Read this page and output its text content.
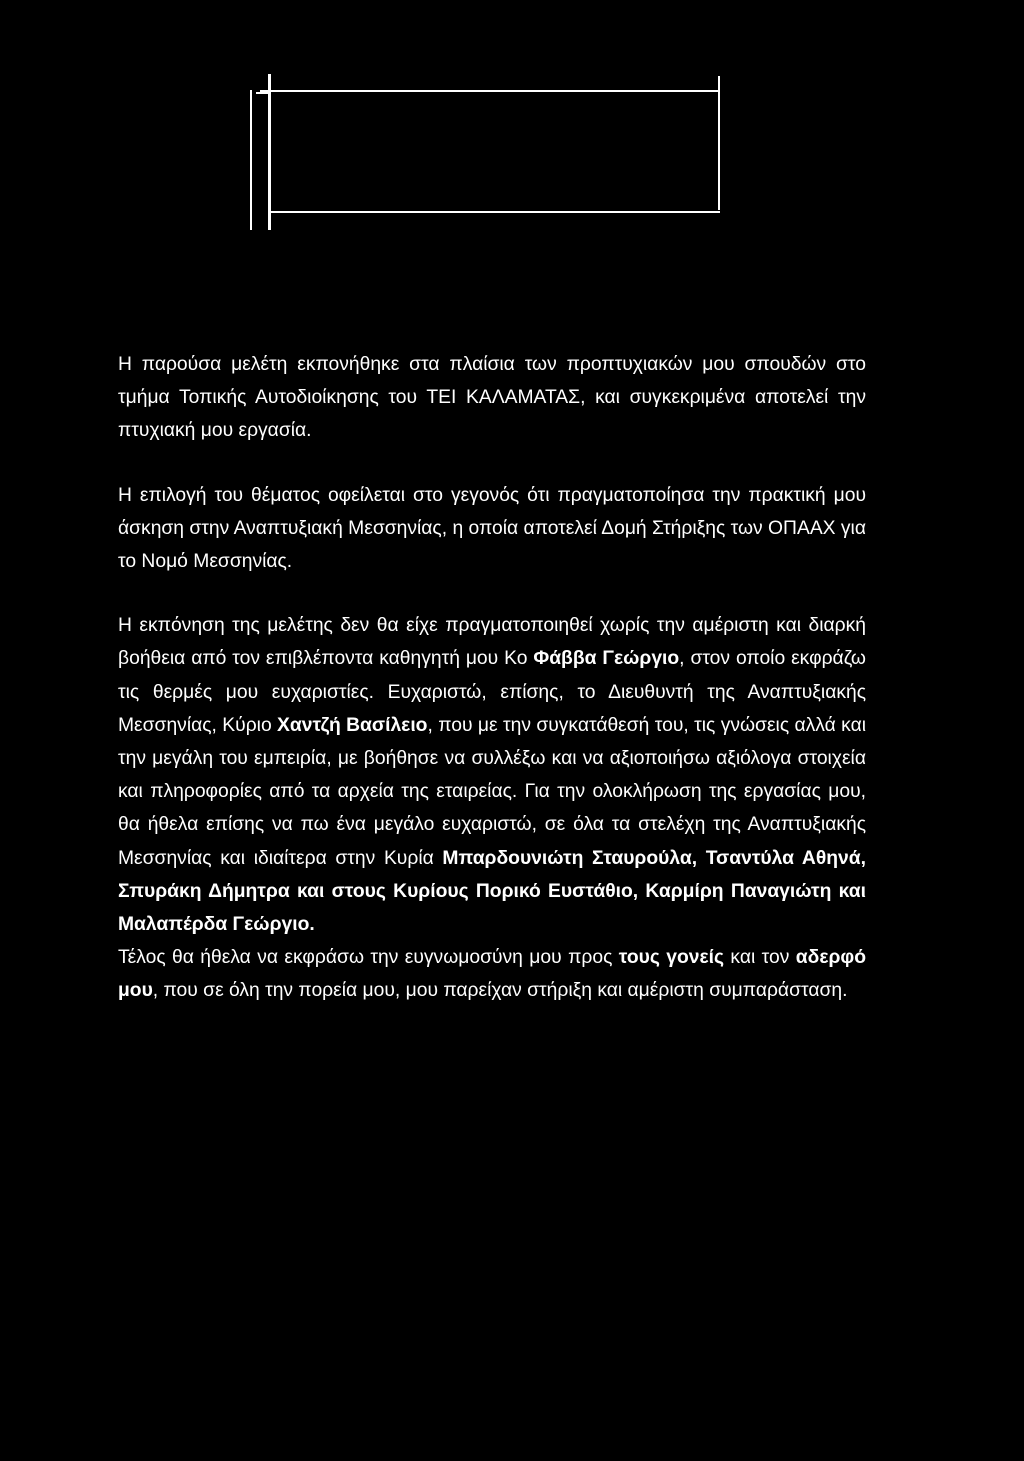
Η παρούσα μελέτη εκπονήθηκε στα πλαίσια των προπτυχιακών μου σπουδών στο τμήμα Τοπικής Αυτοδιοίκησης του ΤΕΙ ΚΑΛΑΜΑΤΑΣ, και συγκεκριμένα αποτελεί την πτυχιακή μου εργασία.

Η επιλογή του θέματος οφείλεται στο γεγονός ότι πραγματοποίησα την πρακτική μου άσκηση στην Αναπτυξιακή Μεσσηνίας, η οποία αποτελεί Δομή Στήριξης των ΟΠΑΑΧ για το Νομό Μεσσηνίας.

Η εκπόνηση της μελέτης δεν θα είχε πραγματοποιηθεί χωρίς την αμέριστη και διαρκή βοήθεια από τον επιβλέποντα καθηγητή μου Κο Φάββα Γεώργιο, στον οποίο εκφράζω τις θερμές μου ευχαριστίες. Ευχαριστώ, επίσης, το Διευθυντή της Αναπτυξιακής Μεσσηνίας, Κύριο Χαντζή Βασίλειο, που με την συγκατάθεσή του, τις γνώσεις αλλά και την μεγάλη του εμπειρία, με βοήθησε να συλλέξω και να αξιοποιήσω αξιόλογα στοιχεία και πληροφορίες από τα αρχεία της εταιρείας. Για την ολοκλήρωση της εργασίας μου, θα ήθελα επίσης να πω ένα μεγάλο ευχαριστώ, σε όλα τα στελέχη της Αναπτυξιακής Μεσσηνίας και ιδιαίτερα στην Κυρία Μπαρδουνιώτη Σταυρούλα, Τσαντύλα Αθηνά, Σπυράκη Δήμητρα και στους Κυρίους Πορικό Ευστάθιο, Καρμίρη Παναγιώτη και Μαλαπέρδα Γεώργιο.

Τέλος θα ήθελα να εκφράσω την ευγνωμοσύνη μου προς τους γονείς και τον αδερφό μου, που σε όλη την πορεία μου, μου παρείχαν στήριξη και αμέριστη συμπαράσταση.
